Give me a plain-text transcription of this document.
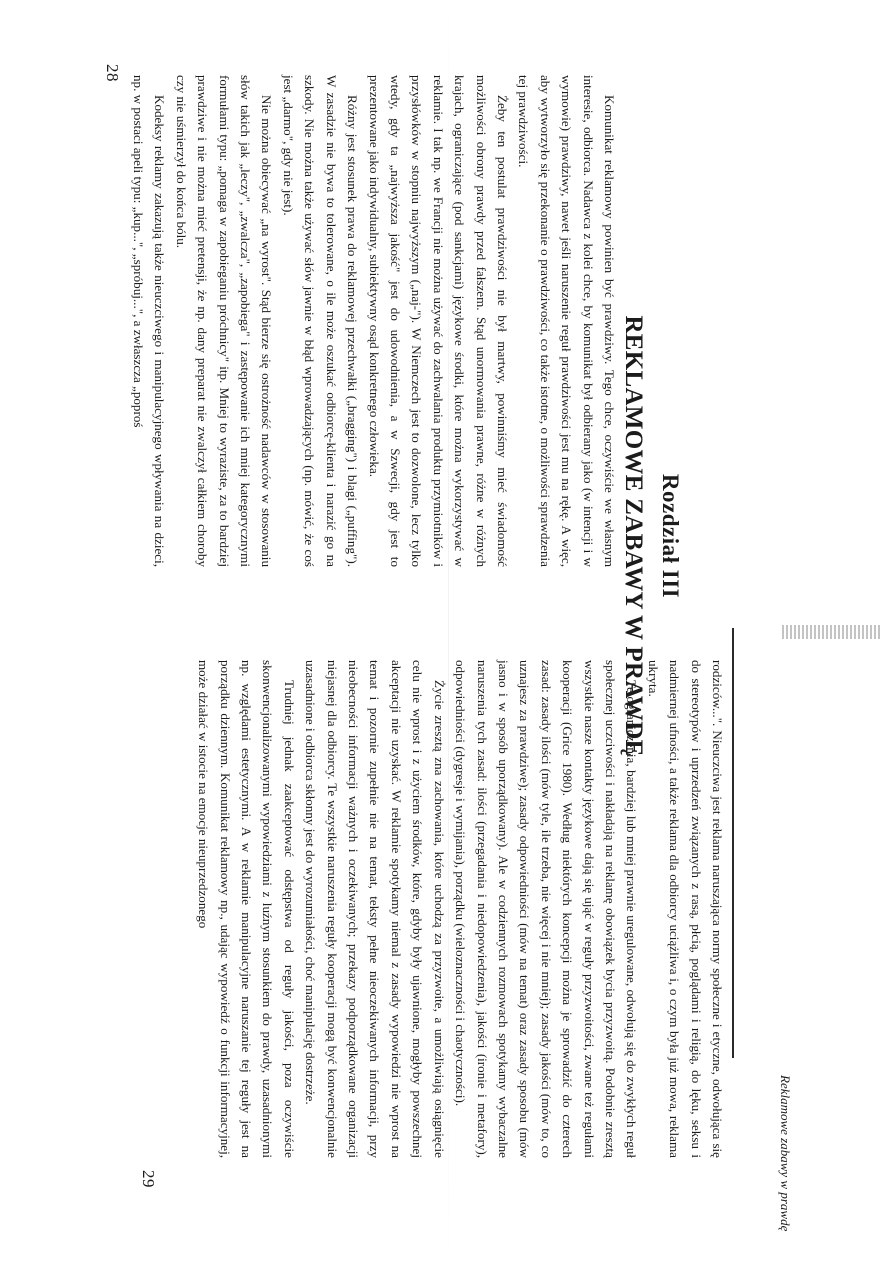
28
Rozdział III
REKLAMOWE ZABAWY W PRAWDĘ

Komunikat reklamowy powinien być prawdziwy. Tego chce, oczywiście we własnym interesie, odbiorca. Nadawca z kolei chce, by komunikat był odbierany jako (w intencji i w wymowie) prawdziwy, nawet jeśli naruszenie reguł prawdziwości jest mu na rękę. A więc, aby wytworzyło się przekonanie o prawdziwości, co także istotne, o możliwości sprawdzenia tej prawdziwości.

Żeby ten postulat prawdziwości nie był martwy, powinniśmy mieć świadomość możliwości obrony prawdy przed fałszem. Stąd unormowania prawne, różne w różnych krajach, ograniczające (pod sankcjami) językowe środki, które można wykorzystywać w reklamie. I tak np. we Francji nie można używać do zachwalania produktu przymiotników i przysłówków w stopniu najwyższym („naj-"). W Niemczech jest to dozwolone, lecz tylko wtedy, gdy ta „najwyższa jakość" jest do udowodnienia, a w Szwecji, gdy jest to prezentowane jako indywidualny, subiektywny osąd konkretnego człowieka.

Różny jest stosunek prawa do reklamowej przechwałki („bragging") i blagi („puffing"). W zasadzie nie bywa to tolerowane, o ile może oszukać odbiorcę-klienta i narazić go na szkody. Nie można także używać słów jawnie w błąd wprowadzających (np. mówić, że coś jest „darmo", gdy nie jest).

Nie można obiecywać „na wyrost". Stąd bierze się ostrożność nadawców w stosowaniu słów takich jak „leczy", „zwalcza", „zapobiega" i zastępowanie ich mniej kategorycznymi formułami typu: „pomaga w zapobieganiu próchnicy" itp. Mniej to wyraziste, za to bardziej prawdziwe i nie można mieć pretensji, że np. dany preparat nie zwalczył całkiem choroby czy nie uśmierzył do końca bólu.

Kodeksy reklamy zakazują także nieuczciwego i manipulacyjnego wpływania na dzieci, np. w postaci apeli typu: „kup...", „spróbuj...", a zwłaszcza „poproś

Reklamowe zabawy w prawdę

rodziców...". Nieuczciwa jest reklama naruszająca normy społeczne i etyczne, odwołująca się do stereotypów i uprzedzeń związanych z rasą, płcią, poglądami i religią, do lęku, seksu i nadmiernej ufności, a także reklama dla odbiorcy uciążliwa i, o czym była już mowa, reklama ukryta.

Te ograniczenia, bardziej lub mniej prawnie uregulowane, odwołują się do zwykłych reguł społecznej uczciwości i nakładają na reklamę obowiązek bycia przyzwoitą. Podobnie zresztą wszystkie nasze kontakty językowe dają się ująć w reguły przyzwoitości, zwane też regułami kooperacji (Grice 1980). Według niektórych koncepcji można je sprowadzić do czterech zasad: zasady ilości (mów tyle, ile trzeba, nie więcej i nie mniej); zasady jakości (mów to, co uznajesz za prawdziwe); zasady odpowiedniości (mów na temat) oraz zasady sposobu (mów jasno i w sposób uporządkowany). Ale w codziennych rozmowach spotykamy wybaczalne naruszenia tych zasad: ilości (przegadania i niedopowiedzenia), jakości (ironie i metafory), odpowiedniości (dygresje i wymijania), porządku (wieloznaczności i chaotyczności).

Życie zresztą zna zachowania, które uchodzą za przyzwoite, a umożliwiają osiągnięcie celu nie wprost i z użyciem środków, które, gdyby były ujawnione, mogłyby powszechnej akceptacji nie uzyskać. W reklamie spotykamy niemal z zasady wypowiedzi nie wprost na temat i pozornie zupełnie nie na temat, teksty pełne nieoczekiwanych informacji, przy nieobecności informacji ważnych i oczekiwanych; przekazy podporządkowane organizacji niejasnej dla odbiorcy. Te wszystkie naruszenia reguły kooperacji mogą być konwencjonalnie uzasadnione i odbiorca skłonny jest do wyrozumiałości, choć manipulację dostrzeże.

Trudniej jednak zaakceptować odstępstwa od reguły jakości, poza oczywiście skonwencjonalizowanymi wypowiedziami z luźnym stosunkiem do prawdy, uzasadnionymi np. względami estetycznymi. A w reklamie manipulacyjne naruszanie tej reguły jest na porządku dziennym. Komunikat reklamowy np., udając wypowiedź o funkcji informacyjnej, może działać w istocie na emocje nieuprzedzonego

29
